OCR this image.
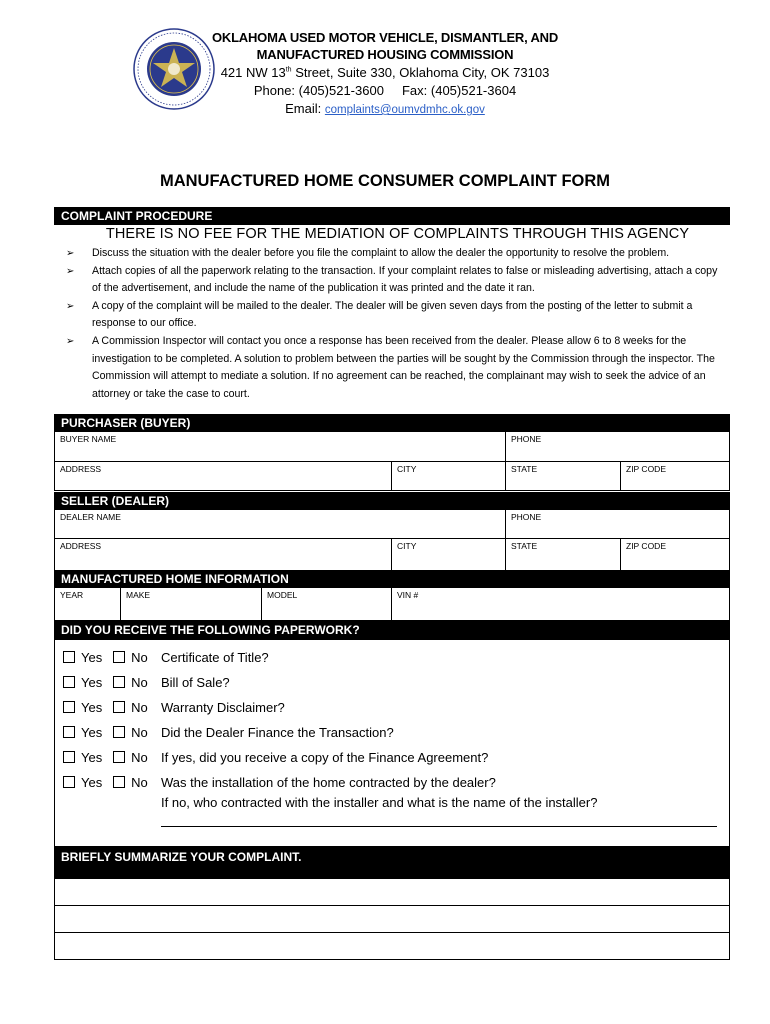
OKLAHOMA USED MOTOR VEHICLE, DISMANTLER, AND
MANUFACTURED HOUSING COMMISSION
421 NW 13th Street, Suite 330, Oklahoma City, OK 73103
Phone: (405)521-3600     Fax: (405)521-3604
Email: complaints@oumvdmhc.ok.gov
MANUFACTURED HOME CONSUMER COMPLAINT FORM
COMPLAINT PROCEDURE
THERE IS NO FEE FOR THE MEDIATION OF COMPLAINTS THROUGH THIS AGENCY
➢ Discuss the situation with the dealer before you file the complaint to allow the dealer the opportunity to resolve the problem.
➢ Attach copies of all the paperwork relating to the transaction. If your complaint relates to false or misleading advertising, attach a copy of the advertisement, and include the name of the publication it was printed and the date it ran.
➢ A copy of the complaint will be mailed to the dealer. The dealer will be given seven days from the posting of the letter to submit a response to our office.
➢ A Commission Inspector will contact you once a response has been received from the dealer. Please allow 6 to 8 weeks for the investigation to be completed. A solution to problem between the parties will be sought by the Commission through the inspector. The Commission will attempt to mediate a solution. If no agreement can be reached, the complainant may wish to seek the advice of an attorney or take the case to court.
PURCHASER (BUYER)
BUYER NAME	PHONE
ADDRESS	CITY	STATE	ZIP CODE
SELLER (DEALER)
DEALER NAME	PHONE
ADDRESS	CITY	STATE	ZIP CODE
MANUFACTURED HOME INFORMATION
YEAR	MAKE	MODEL	VIN #
DID YOU RECEIVE THE FOLLOWING PAPERWORK?
Yes No Certificate of Title?
Yes No Bill of Sale?
Yes No Warranty Disclaimer?
Yes No Did the Dealer Finance the Transaction?
Yes No If yes, did you receive a copy of the Finance Agreement?
Yes No Was the installation of the home contracted by the dealer?
If no, who contracted with the installer and what is the name of the installer?
BRIEFLY SUMMARIZE YOUR COMPLAINT.
